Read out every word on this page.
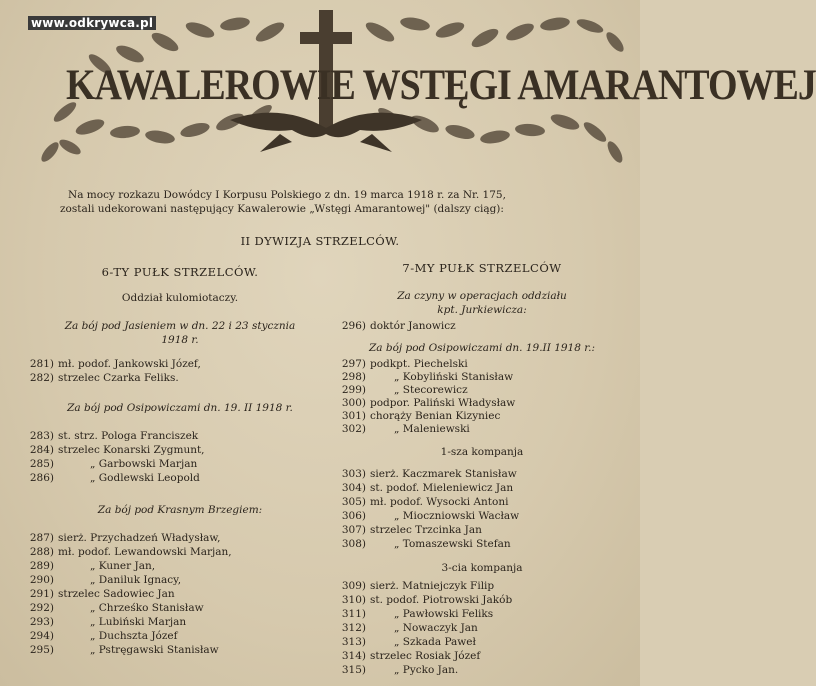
www.odkrywca.pl
KAWALEROWIE WSTĘGI AMARANTOWEJ
Na mocy rozkazu Dowódcy I Korpusu Polskiego z dn. 19 marca 1918 r. za Nr. 175,
zostali udekorowani następujący Kawalerowie „Wstęgi Amarantowej" (dalszy ciąg):
II DYWIZJA STRZELCÓW.
6-TY PUŁK STRZELCÓW.
Oddział kulomiotaczy.
Za bój pod Jasieniem w dn. 22 i 23 stycznia
1918 r.
281) mł. podof. Jankowski Józef,
282) strzelec Czarka Feliks.
Za bój pod Osipowiczami dn. 19. II 1918 r.
283) st. strz. Pologa Franciszek
284) strzelec Konarski Zygmunt,
285)	„ Garbowski Marjan
286)	„ Godlewski Leopold
Za bój pod Krasnym Brzegiem:
287) sierż. Przychadzeń Władysław,
288) mł. podof. Lewandowski Marjan,
289)	„ Kuner Jan,
290)	„ Daniluk Ignacy,
291) strzelec Sadowiec Jan
292)	„ Chrześko Stanisław
293)	„ Lubiński Marjan
294)	„ Duchszta Józef
295)	„ Pstręgawski Stanisław
7-MY PUŁK STRZELCÓW
Za czyny w operacjach oddziału
kpt. Jurkiewicza:
296) doktór Janowicz
Za bój pod Osipowiczami dn. 19.II 1918 r.:
297) podkpt. Piechelski
298)	„ Kobyliński Stanisław
299)	„ Stecorewicz
300) podpor. Paliński Władysław
301) chorąży Benian Kizyniec
302)	„ Maleniewski
1-sza kompanja
303) sierż. Kaczmarek Stanisław
304) st. podof. Mieleniewicz Jan
305) mł. podof. Wysocki Antoni
306)	„ Mioczniowski Wacław
307) strzelec Trzcinka Jan
308)	„ Tomaszewski Stefan
3-cia kompanja
309) sierż. Matniejczyk Filip
310) st. podof. Piotrowski Jakób
311)	„ Pawłowski Feliks
312)	„ Nowaczyk Jan
313)	„ Szkada Paweł
314) strzelec Rosiak Józef
315)	„ Pycko Jan.
